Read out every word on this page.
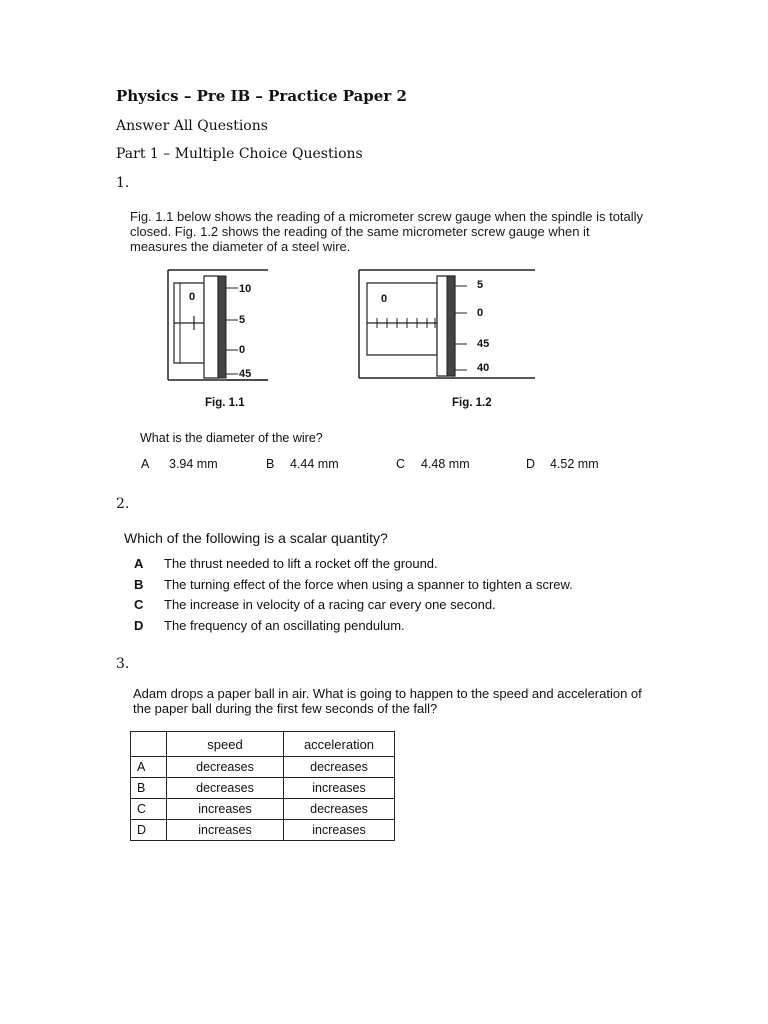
Physics – Pre IB – Practice Paper 2
Answer All Questions
Part 1 – Multiple Choice Questions
1.
Fig. 1.1 below shows the reading of a micrometer screw gauge when the spindle is totally closed. Fig. 1.2 shows the reading of the same micrometer screw gauge when it measures the diameter of a steel wire.
0
10
5
0
45
Fig. 1.1
0
5
0
45
40
Fig. 1.2
What is the diameter of the wire?
A 3.94 mm	B 4.44 mm	C 4.48 mm	D 4.52 mm
2.
Which of the following is a scalar quantity?
A The thrust needed to lift a rocket off the ground.
B The turning effect of the force when using a spanner to tighten a screw.
C The increase in velocity of a racing car every one second.
D The frequency of an oscillating pendulum.
3.
Adam drops a paper ball in air. What is going to happen to the speed and acceleration of the paper ball during the first few seconds of the fall?
	speed	acceleration
A	decreases	decreases
B	decreases	increases
C	increases	decreases
D	increases	increases
